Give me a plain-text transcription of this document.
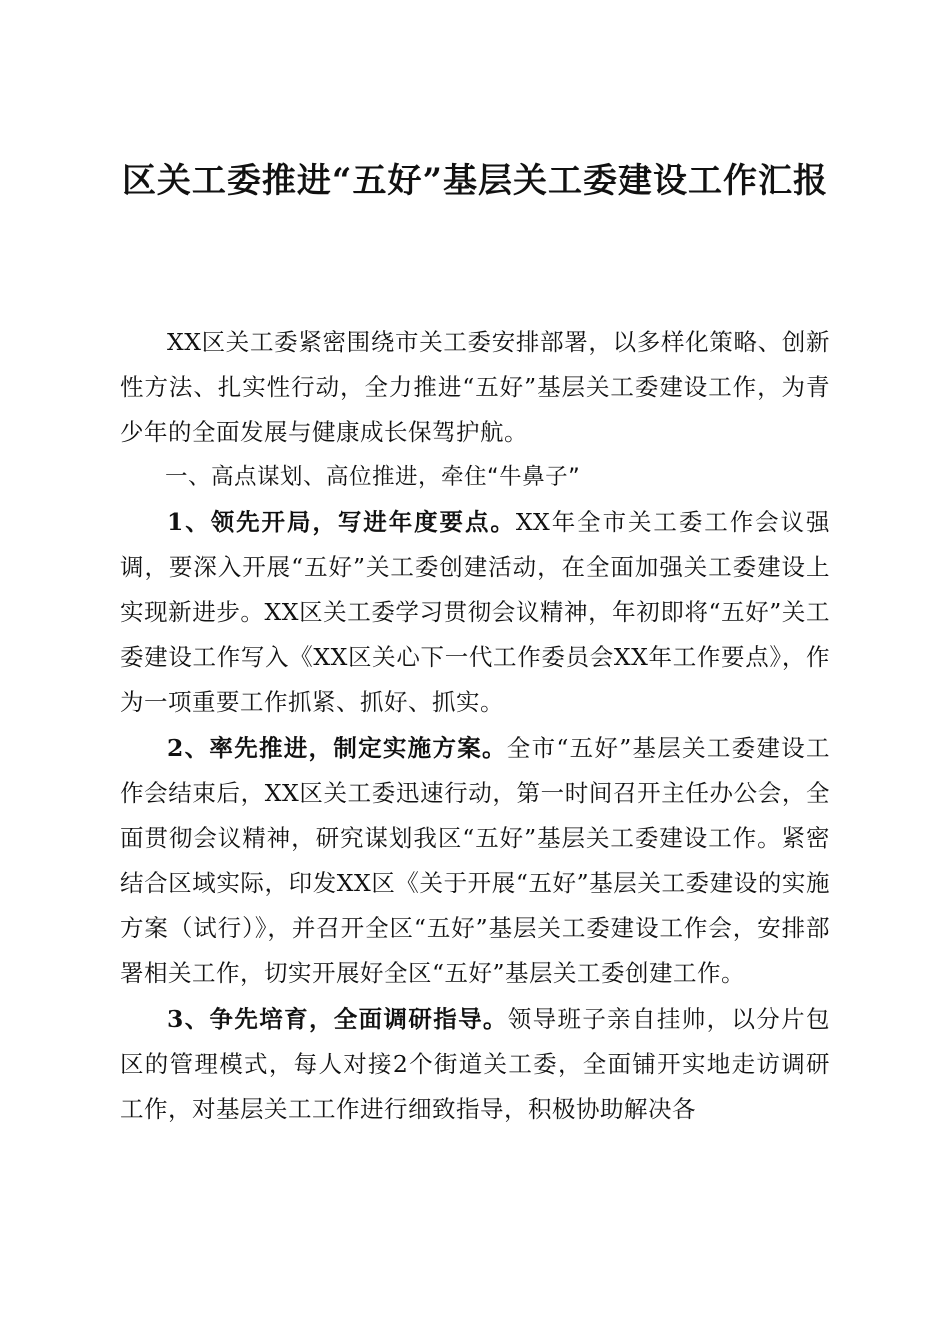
区关工委推进“五好”基层关工委建设工作汇报

XX区关工委紧密围绕市关工委安排部署，以多样化策略、创新性方法、扎实性行动，全力推进“五好”基层关工委建设工作，为青少年的全面发展与健康成长保驾护航。

一、高点谋划、高位推进，牵住“牛鼻子”

1、领先开局，写进年度要点。XX年全市关工委工作会议强调，要深入开展“五好”关工委创建活动，在全面加强关工委建设上实现新进步。XX区关工委学习贯彻会议精神，年初即将“五好”关工委建设工作写入《XX区关心下一代工作委员会XX年工作要点》，作为一项重要工作抓紧、抓好、抓实。

2、率先推进，制定实施方案。全市“五好”基层关工委建设工作会结束后，XX区关工委迅速行动，第一时间召开主任办公会，全面贯彻会议精神，研究谋划我区“五好”基层关工委建设工作。紧密结合区域实际，印发XX区《关于开展“五好”基层关工委建设的实施方案（试行）》，并召开全区“五好”基层关工委建设工作会，安排部署相关工作，切实开展好全区“五好”基层关工委创建工作。

3、争先培育，全面调研指导。领导班子亲自挂帅，以分片包区的管理模式，每人对接2个街道关工委，全面铺开实地走访调研工作，对基层关工工作进行细致指导，积极协助解决各
